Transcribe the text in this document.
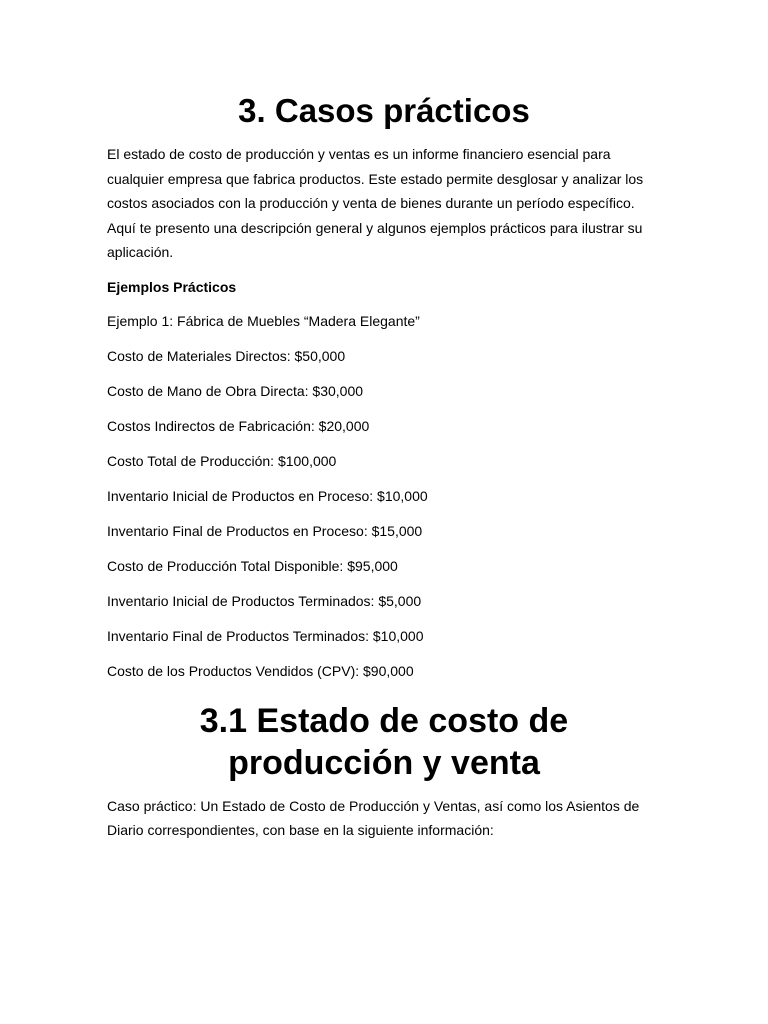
3. Casos prácticos

El estado de costo de producción y ventas es un informe financiero esencial para cualquier empresa que fabrica productos. Este estado permite desglosar y analizar los costos asociados con la producción y venta de bienes durante un período específico. Aquí te presento una descripción general y algunos ejemplos prácticos para ilustrar su aplicación.

Ejemplos Prácticos

Ejemplo 1: Fábrica de Muebles “Madera Elegante”

Costo de Materiales Directos: $50,000

Costo de Mano de Obra Directa: $30,000

Costos Indirectos de Fabricación: $20,000

Costo Total de Producción: $100,000

Inventario Inicial de Productos en Proceso: $10,000

Inventario Final de Productos en Proceso: $15,000

Costo de Producción Total Disponible: $95,000

Inventario Inicial de Productos Terminados: $5,000

Inventario Final de Productos Terminados: $10,000

Costo de los Productos Vendidos (CPV): $90,000

3.1 Estado de costo de producción y venta

Caso práctico: Un Estado de Costo de Producción y Ventas, así como los Asientos de Diario correspondientes, con base en la siguiente información:
